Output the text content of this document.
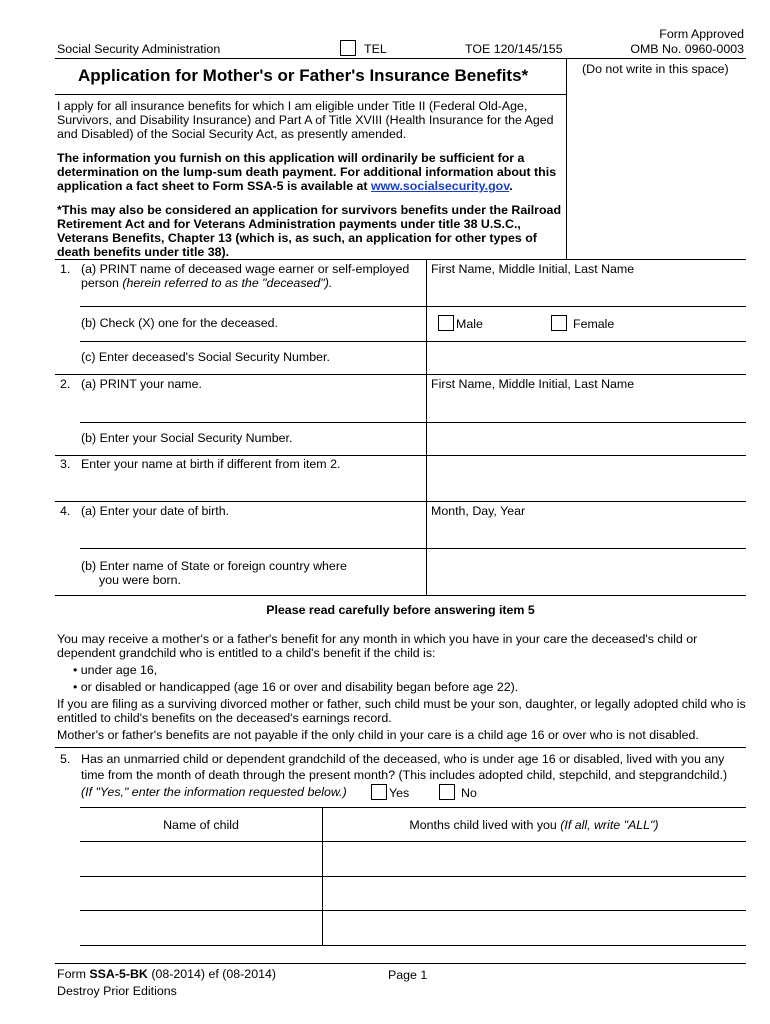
Social Security Administration	TEL	TOE 120/145/155
Form Approved
OMB No. 0960-0003
(Do not write in this space)
Application for Mother's or Father's Insurance Benefits*

I apply for all insurance benefits for which I am eligible under Title II (Federal Old-Age, Survivors, and Disability Insurance) and Part A of Title XVIII (Health Insurance for the Aged and Disabled) of the Social Security Act, as presently amended.

The information you furnish on this application will ordinarily be sufficient for a determination on the lump-sum death payment. For additional information about this application a fact sheet to Form SSA-5 is available at www.socialsecurity.gov.

*This may also be considered an application for survivors benefits under the Railroad Retirement Act and for Veterans Administration payments under title 38 U.S.C., Veterans Benefits, Chapter 13 (which is, as such, an application for other types of death benefits under title 38).

1. (a) PRINT name of deceased wage earner or self-employed person (herein referred to as the "deceased").

First Name, Middle Initial, Last Name
(b) Check (X) one for the deceased.	Male	Female
(c) Enter deceased's Social Security Number.
2. (a) PRINT your name.	First Name, Middle Initial, Last Name
(b) Enter your Social Security Number.
3. Enter your name at birth if different from item 2.
4. (a) Enter your date of birth.	Month, Day, Year
(b) Enter name of State or foreign country where
you were born.
Please read carefully before answering item 5

You may receive a mother's or a father's benefit for any month in which you have in your care the deceased's child or dependent grandchild who is entitled to a child's benefit if the child is:

• under age 16,
• or disabled or handicapped (age 16 or over and disability began before age 22).

If you are filing as a surviving divorced mother or father, such child must be your son, daughter, or legally adopted child who is entitled to child's benefits on the deceased's earnings record.

Mother's or father's benefits are not payable if the only child in your care is a child age 16 or over who is not disabled.

5. Has an unmarried child or dependent grandchild of the deceased, who is under age 16 or disabled, lived with you any
time from the month of death through the present month? (This includes adopted child, stepchild, and stepgrandchild.)
(If "Yes," enter the information requested below.)	Yes	No
Name of child	Months child lived with you (If all, write "ALL")
Form SSA-5-BK (08-2014) ef (08-2014)
Destroy Prior Editions
Page 1
